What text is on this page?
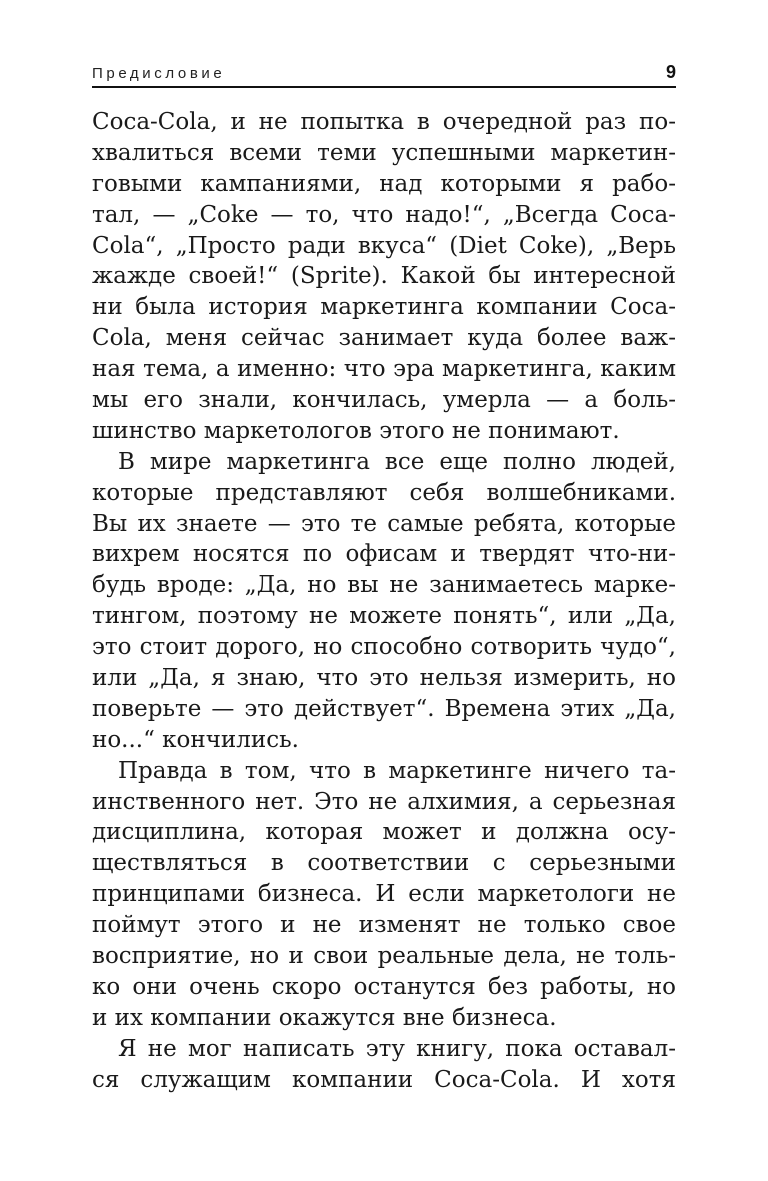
Предисловие	9
Coca-Cola, и не попытка в очередной раз по-
хвалиться всеми теми успешными маркетин-
говыми кампаниями, над которыми я рабо-
тал, — „Coke — то, что надо!“, „Всегда Coca-
Cola“, „Просто ради вкуса“ (Diet Coke), „Верь
жажде своей!“ (Sprite). Какой бы интересной
ни была история маркетинга компании Coca-
Cola, меня сейчас занимает куда более важ-
ная тема, а именно: что эра маркетинга, каким
мы его знали, кончилась, умерла — а боль-
шинство маркетологов этого не понимают.
В мире маркетинга все еще полно людей,
которые представляют себя волшебниками.
Вы их знаете — это те самые ребята, которые
вихрем носятся по офисам и твердят что-ни-
будь вроде: „Да, но вы не занимаетесь марке-
тингом, поэтому не можете понять“, или „Да,
это стоит дорого, но способно сотворить чудо“,
или „Да, я знаю, что это нельзя измерить, но
поверьте — это действует“. Времена этих „Да,
но...“ кончились.
Правда в том, что в маркетинге ничего та-
инственного нет. Это не алхимия, а серьезная
дисциплина, которая может и должна осу-
ществляться в соответствии с серьезными
принципами бизнеса. И если маркетологи не
поймут этого и не изменят не только свое
восприятие, но и свои реальные дела, не толь-
ко они очень скоро останутся без работы, но
и их компании окажутся вне бизнеса.
Я не мог написать эту книгу, пока оставал-
ся служащим компании Coca-Cola. И хотя
